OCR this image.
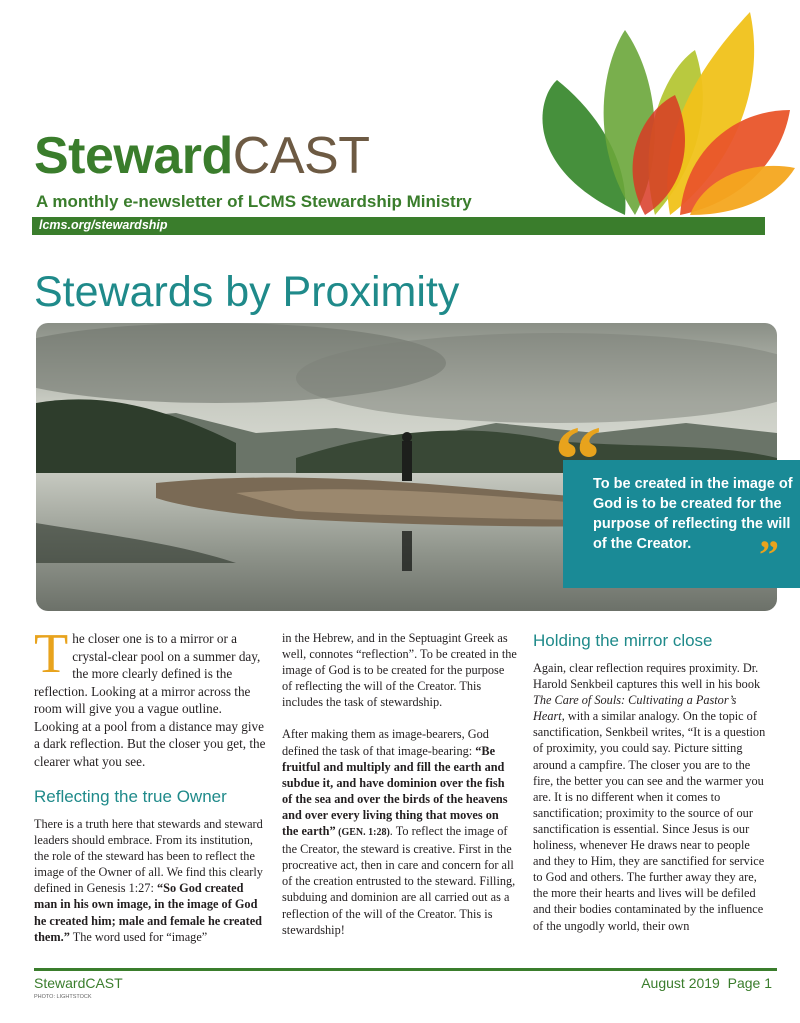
StewardCAST
A monthly e-newsletter of LCMS Stewardship Ministry
lcms.org/stewardship
Stewards by Proximity
To be created in the image of God is to be created for the purpose of reflecting the will of the Creator.
“
”

The closer one is to a mirror or a crystal-clear pool on a summer day, the more clearly defined is the reflection. Looking at a mirror across the room will give you a vague outline. Looking at a pool from a distance may give a dark reflection. But the closer you get, the clearer what you see.

Reflecting the true Owner

There is a truth here that stewards and steward leaders should embrace. From its institution, the role of the steward has been to reflect the image of the Owner of all. We find this clearly defined in Genesis 1:27: “So God created man in his own image, in the image of God he created him; male and female he created them.” The word used for “image”

in the Hebrew, and in the Septuagint Greek as well, connotes “reflection”. To be created in the image of God is to be created for the purpose of reflecting the will of the Creator. This includes the task of stewardship.

After making them as image-bearers, God defined the task of that image-bearing: “Be fruitful and multiply and fill the earth and subdue it, and have dominion over the fish of the sea and over the birds of the heavens and over every living thing that moves on the earth” (GEN. 1:28). To reflect the image of the Creator, the steward is creative. First in the procreative act, then in care and concern for all of the creation entrusted to the steward. Filling, subduing and dominion are all carried out as a reflection of the will of the Creator. This is stewardship!

Holding the mirror close

Again, clear reflection requires proximity. Dr. Harold Senkbeil captures this well in his book The Care of Souls: Cultivating a Pastor’s Heart, with a similar analogy. On the topic of sanctification, Senkbeil writes, “It is a question of proximity, you could say. Picture sitting around a campfire. The closer you are to the fire, the better you can see and the warmer you are. It is no different when it comes to sanctification; proximity to the source of our sanctification is essential. Since Jesus is our holiness, whenever He draws near to people and they to Him, they are sanctified for service to God and others. The further away they are, the more their hearts and lives will be defiled and their bodies contaminated by the influence of the ungodly world, their own

StewardCAST	August 2019  Page 1
PHOTO: LIGHTSTOCK
